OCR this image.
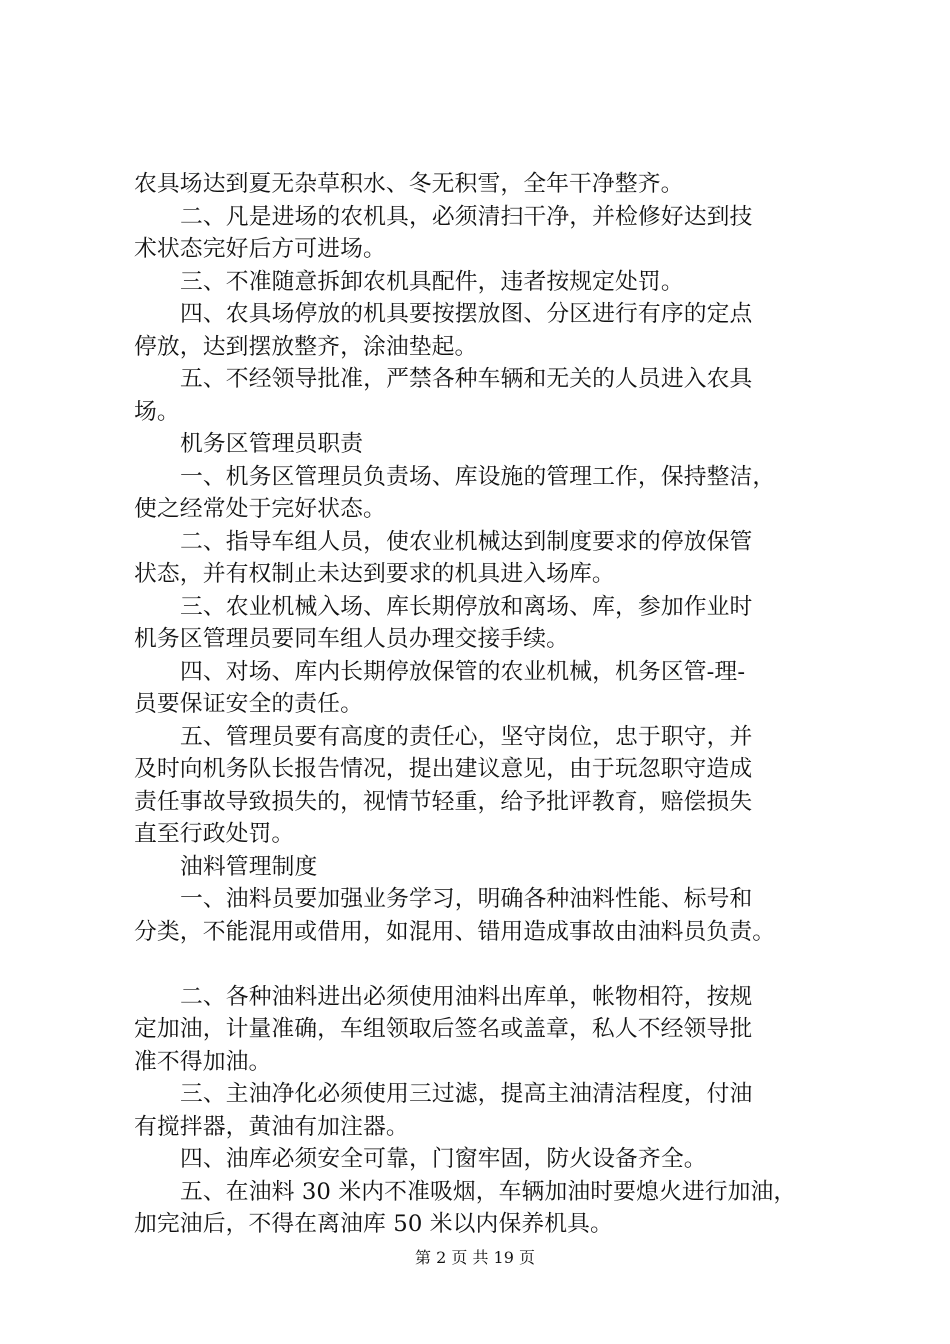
农具场达到夏无杂草积水、冬无积雪，全年干净整齐。
二、凡是进场的农机具，必须清扫干净，并检修好达到技
术状态完好后方可进场。
三、不准随意拆卸农机具配件，违者按规定处罚。
四、农具场停放的机具要按摆放图、分区进行有序的定点
停放，达到摆放整齐，涂油垫起。
五、不经领导批准，严禁各种车辆和无关的人员进入农具
场。
机务区管理员职责
一、机务区管理员负责场、库设施的管理工作，保持整洁，
使之经常处于完好状态。
二、指导车组人员，使农业机械达到制度要求的停放保管
状态，并有权制止未达到要求的机具进入场库。
三、农业机械入场、库长期停放和离场、库，参加作业时
机务区管理员要同车组人员办理交接手续。
四、对场、库内长期停放保管的农业机械，机务区管-理-
员要保证安全的责任。
五、管理员要有高度的责任心，坚守岗位，忠于职守，并
及时向机务队长报告情况，提出建议意见，由于玩忽职守造成
责任事故导致损失的，视情节轻重，给予批评教育，赔偿损失
直至行政处罚。
油料管理制度
一、油料员要加强业务学习，明确各种油料性能、标号和
分类，不能混用或借用，如混用、错用造成事故由油料员负责。
二、各种油料进出必须使用油料出库单，帐物相符，按规
定加油，计量准确，车组领取后签名或盖章，私人不经领导批
准不得加油。
三、主油净化必须使用三过滤，提高主油清洁程度，付油
有搅拌器，黄油有加注器。
四、油库必须安全可靠，门窗牢固，防火设备齐全。
五、在油料 30 米内不准吸烟，车辆加油时要熄火进行加油，
加完油后，不得在离油库 50 米以内保养机具。
第 2 页 共 19 页
